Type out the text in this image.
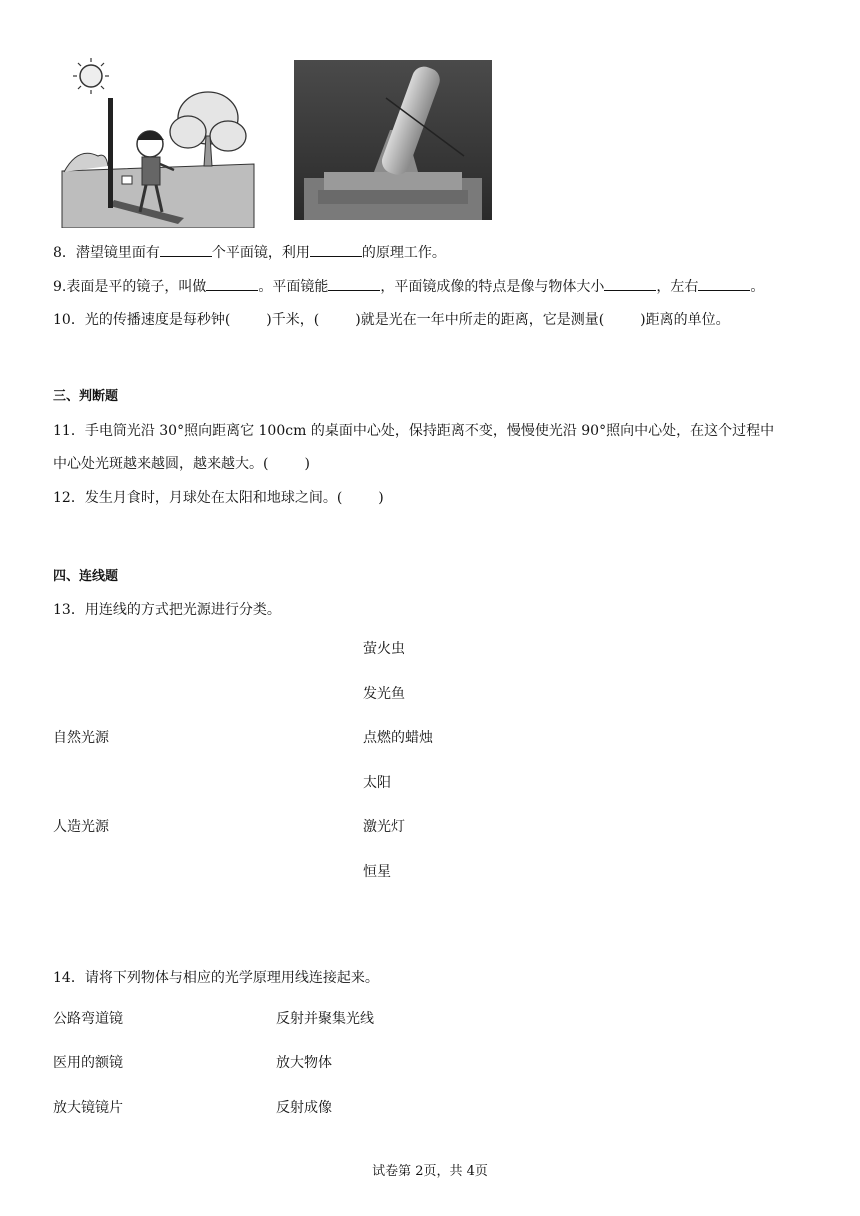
8．潜望镜里面有	个平面镜，利用	的原理工作。
9.表面是平的镜子，叫做	。平面镜能	，平面镜成像的特点是像与物体大小	，左右	。
10．光的传播速度是每秒钟(	)千米，(	)就是光在一年中所走的距离，它是测量(	)距离的单位。
三、判断题
11．手电筒光沿 30°照向距离它 100cm 的桌面中心处，保持距离不变，慢慢使光沿 90°照向中心处，在这个过程中
中心处光斑越来越圆，越来越大。(	)
12．发生月食时，月球处在太阳和地球之间。(	)
四、连线题
13．用连线的方式把光源进行分类。
萤火虫
发光鱼
自然光源	点燃的蜡烛
太阳
人造光源	激光灯
恒星
14．请将下列物体与相应的光学原理用线连接起来。
公路弯道镜	反射并聚集光线
医用的额镜	放大物体
放大镜镜片	反射成像
试卷第 2页，共 4页
